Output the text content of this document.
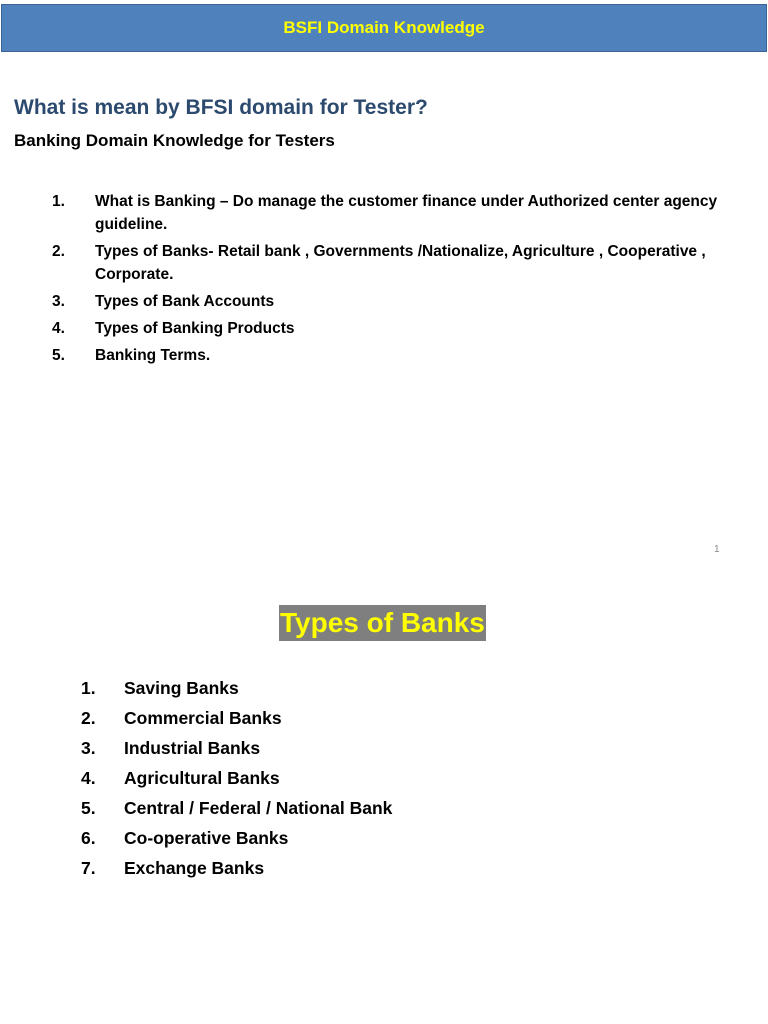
BSFI Domain Knowledge
What is mean by BFSI domain for Tester?
Banking Domain Knowledge for Testers
1.	What is Banking – Do manage the customer finance under Authorized center agency guideline.
2.	Types of Banks- Retail bank , Governments /Nationalize, Agriculture , Cooperative , Corporate.
3.	Types of Bank Accounts
4.	Types of Banking Products
5.	Banking Terms.
1
Types of Banks
1.	Saving Banks
2.	Commercial Banks
3.	Industrial Banks
4.	Agricultural Banks
5.	Central / Federal / National Bank
6.	Co-operative Banks
7.	Exchange Banks
